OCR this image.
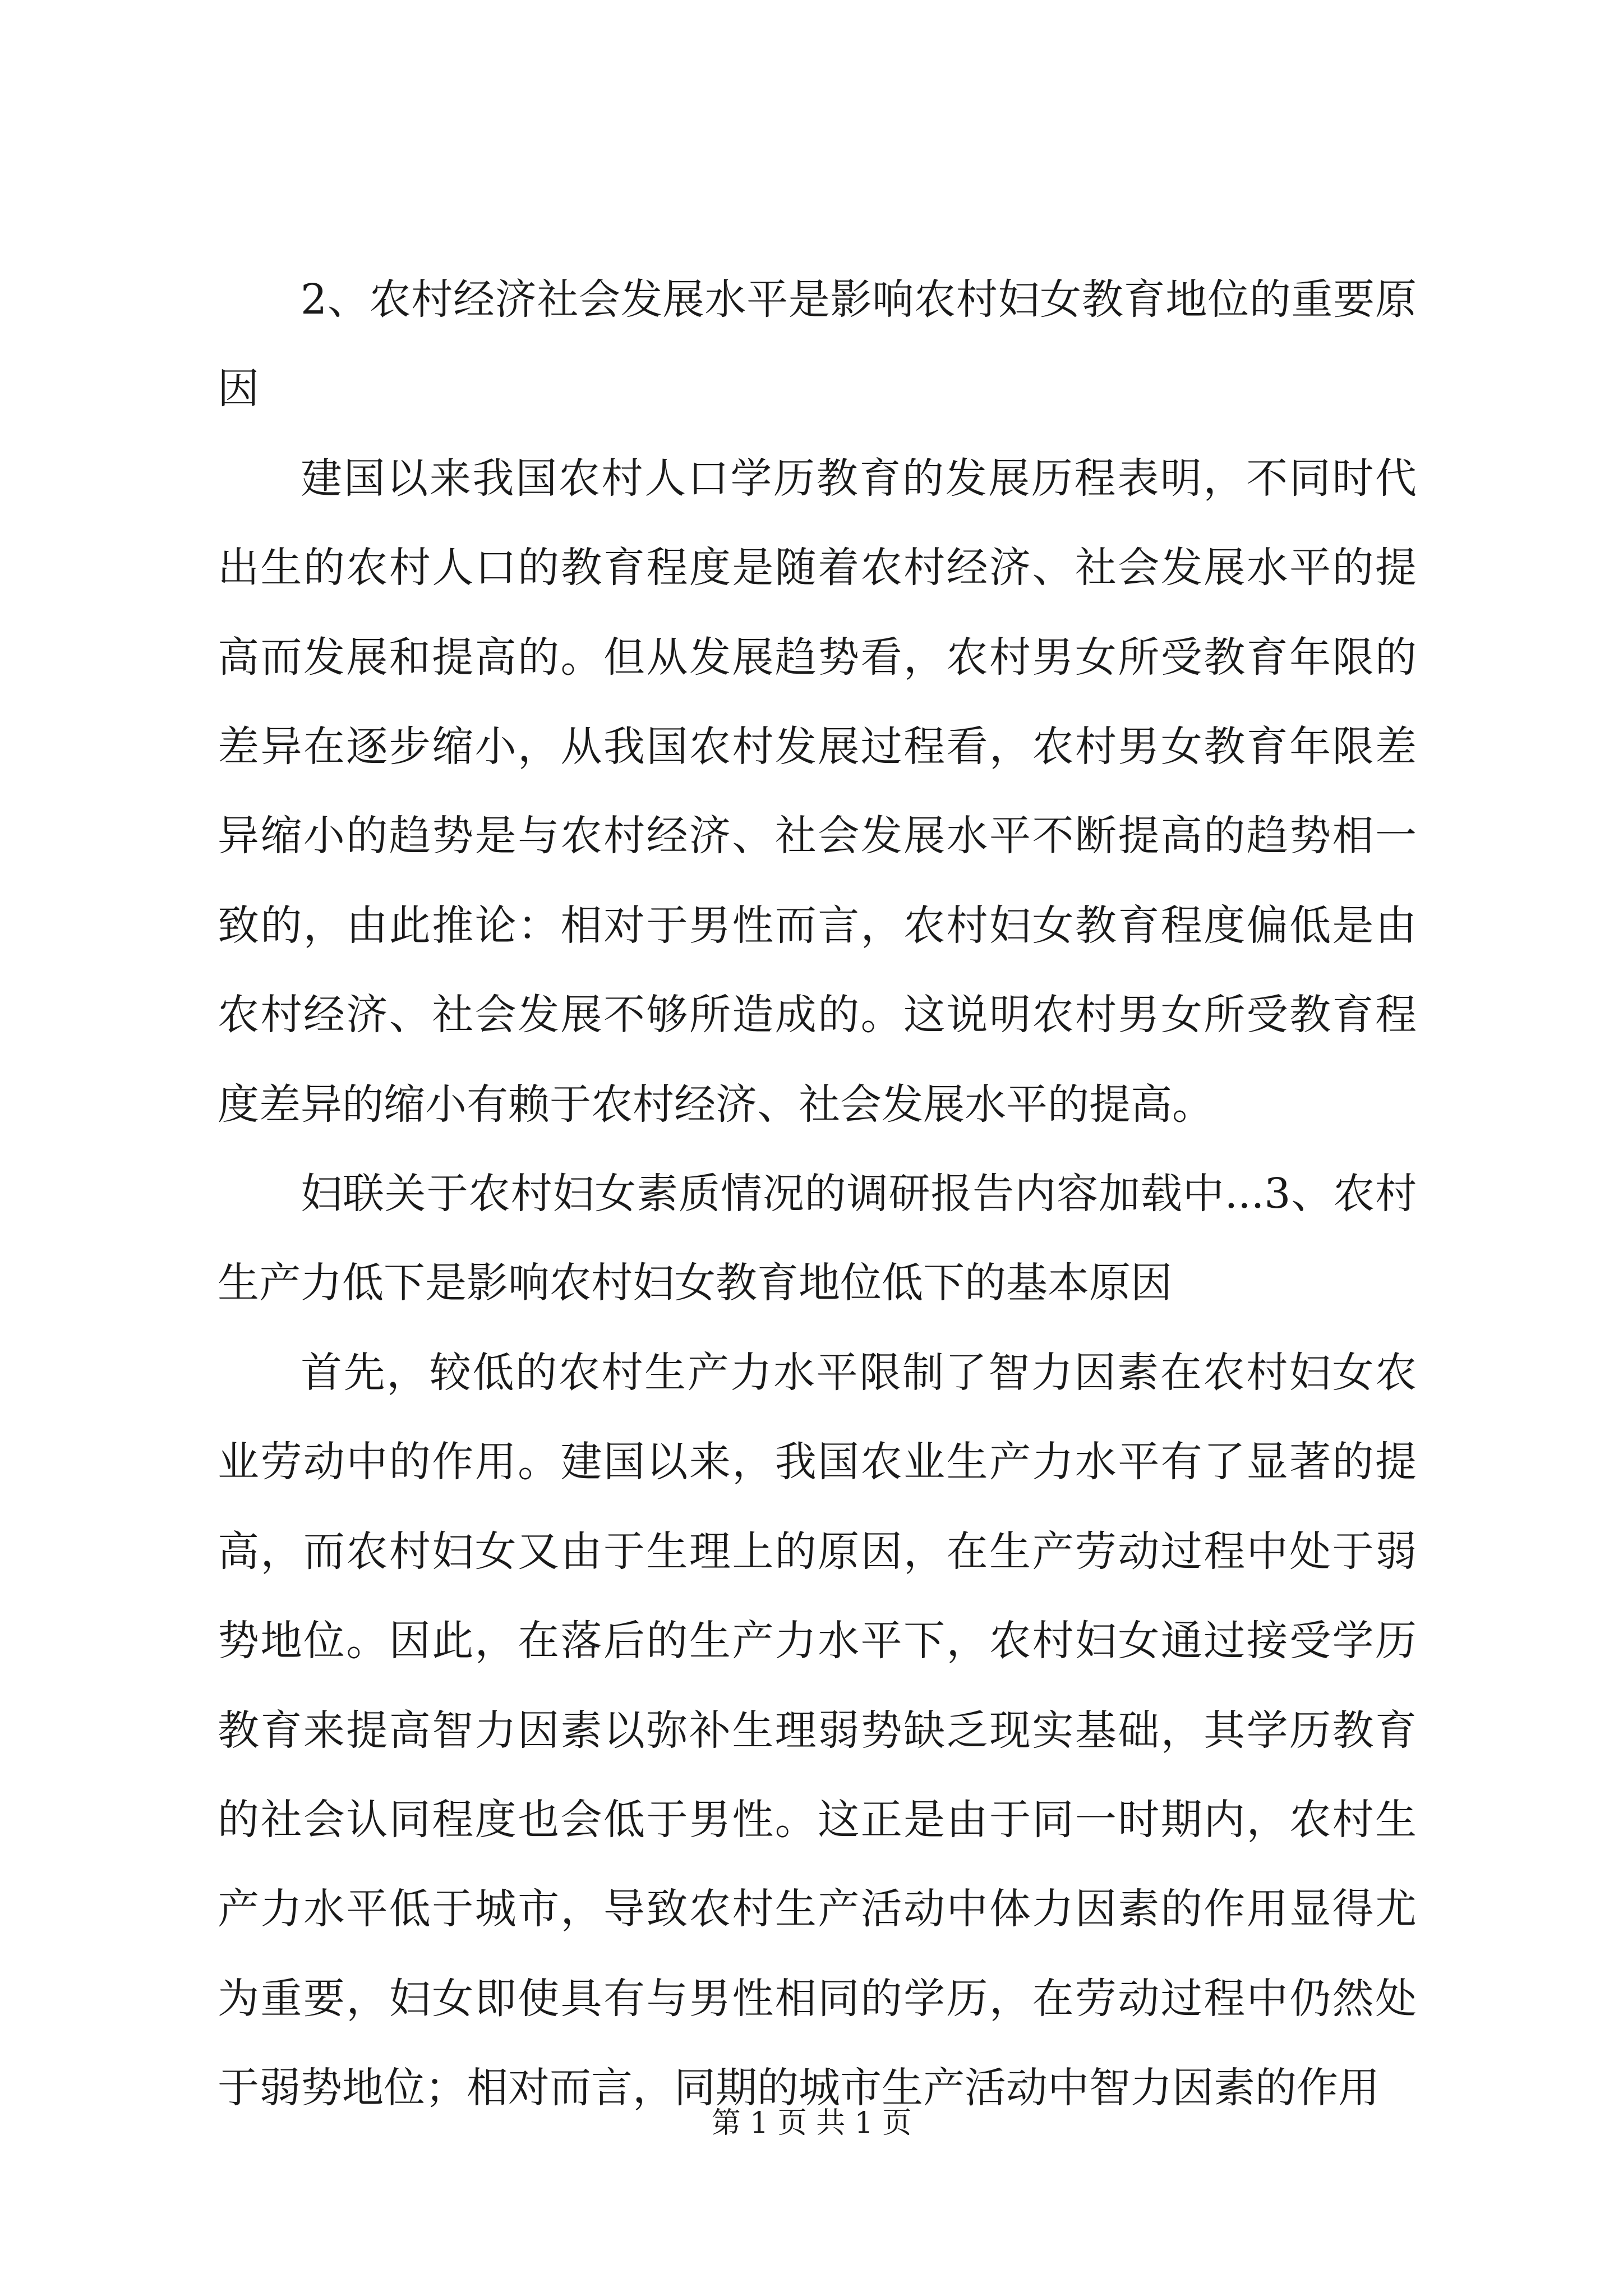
2、农村经济社会发展水平是影响农村妇女教育地位的重要原因

建国以来我国农村人口学历教育的发展历程表明，不同时代出生的农村人口的教育程度是随着农村经济、社会发展水平的提高而发展和提高的。但从发展趋势看，农村男女所受教育年限的差异在逐步缩小，从我国农村发展过程看，农村男女教育年限差异缩小的趋势是与农村经济、社会发展水平不断提高的趋势相一致的，由此推论：相对于男性而言，农村妇女教育程度偏低是由农村经济、社会发展不够所造成的。这说明农村男女所受教育程度差异的缩小有赖于农村经济、社会发展水平的提高。

妇联关于农村妇女素质情况的调研报告内容加载中...3、农村生产力低下是影响农村妇女教育地位低下的基本原因

首先，较低的农村生产力水平限制了智力因素在农村妇女农业劳动中的作用。建国以来，我国农业生产力水平有了显著的提高，而农村妇女又由于生理上的原因，在生产劳动过程中处于弱势地位。因此，在落后的生产力水平下，农村妇女通过接受学历教育来提高智力因素以弥补生理弱势缺乏现实基础，其学历教育的社会认同程度也会低于男性。这正是由于同一时期内，农村生产力水平低于城市，导致农村生产活动中体力因素的作用显得尤为重要，妇女即使具有与男性相同的学历，在劳动过程中仍然处于弱势地位；相对而言，同期的城市生产活动中智力因素的作用

第 1 页 共 1 页
